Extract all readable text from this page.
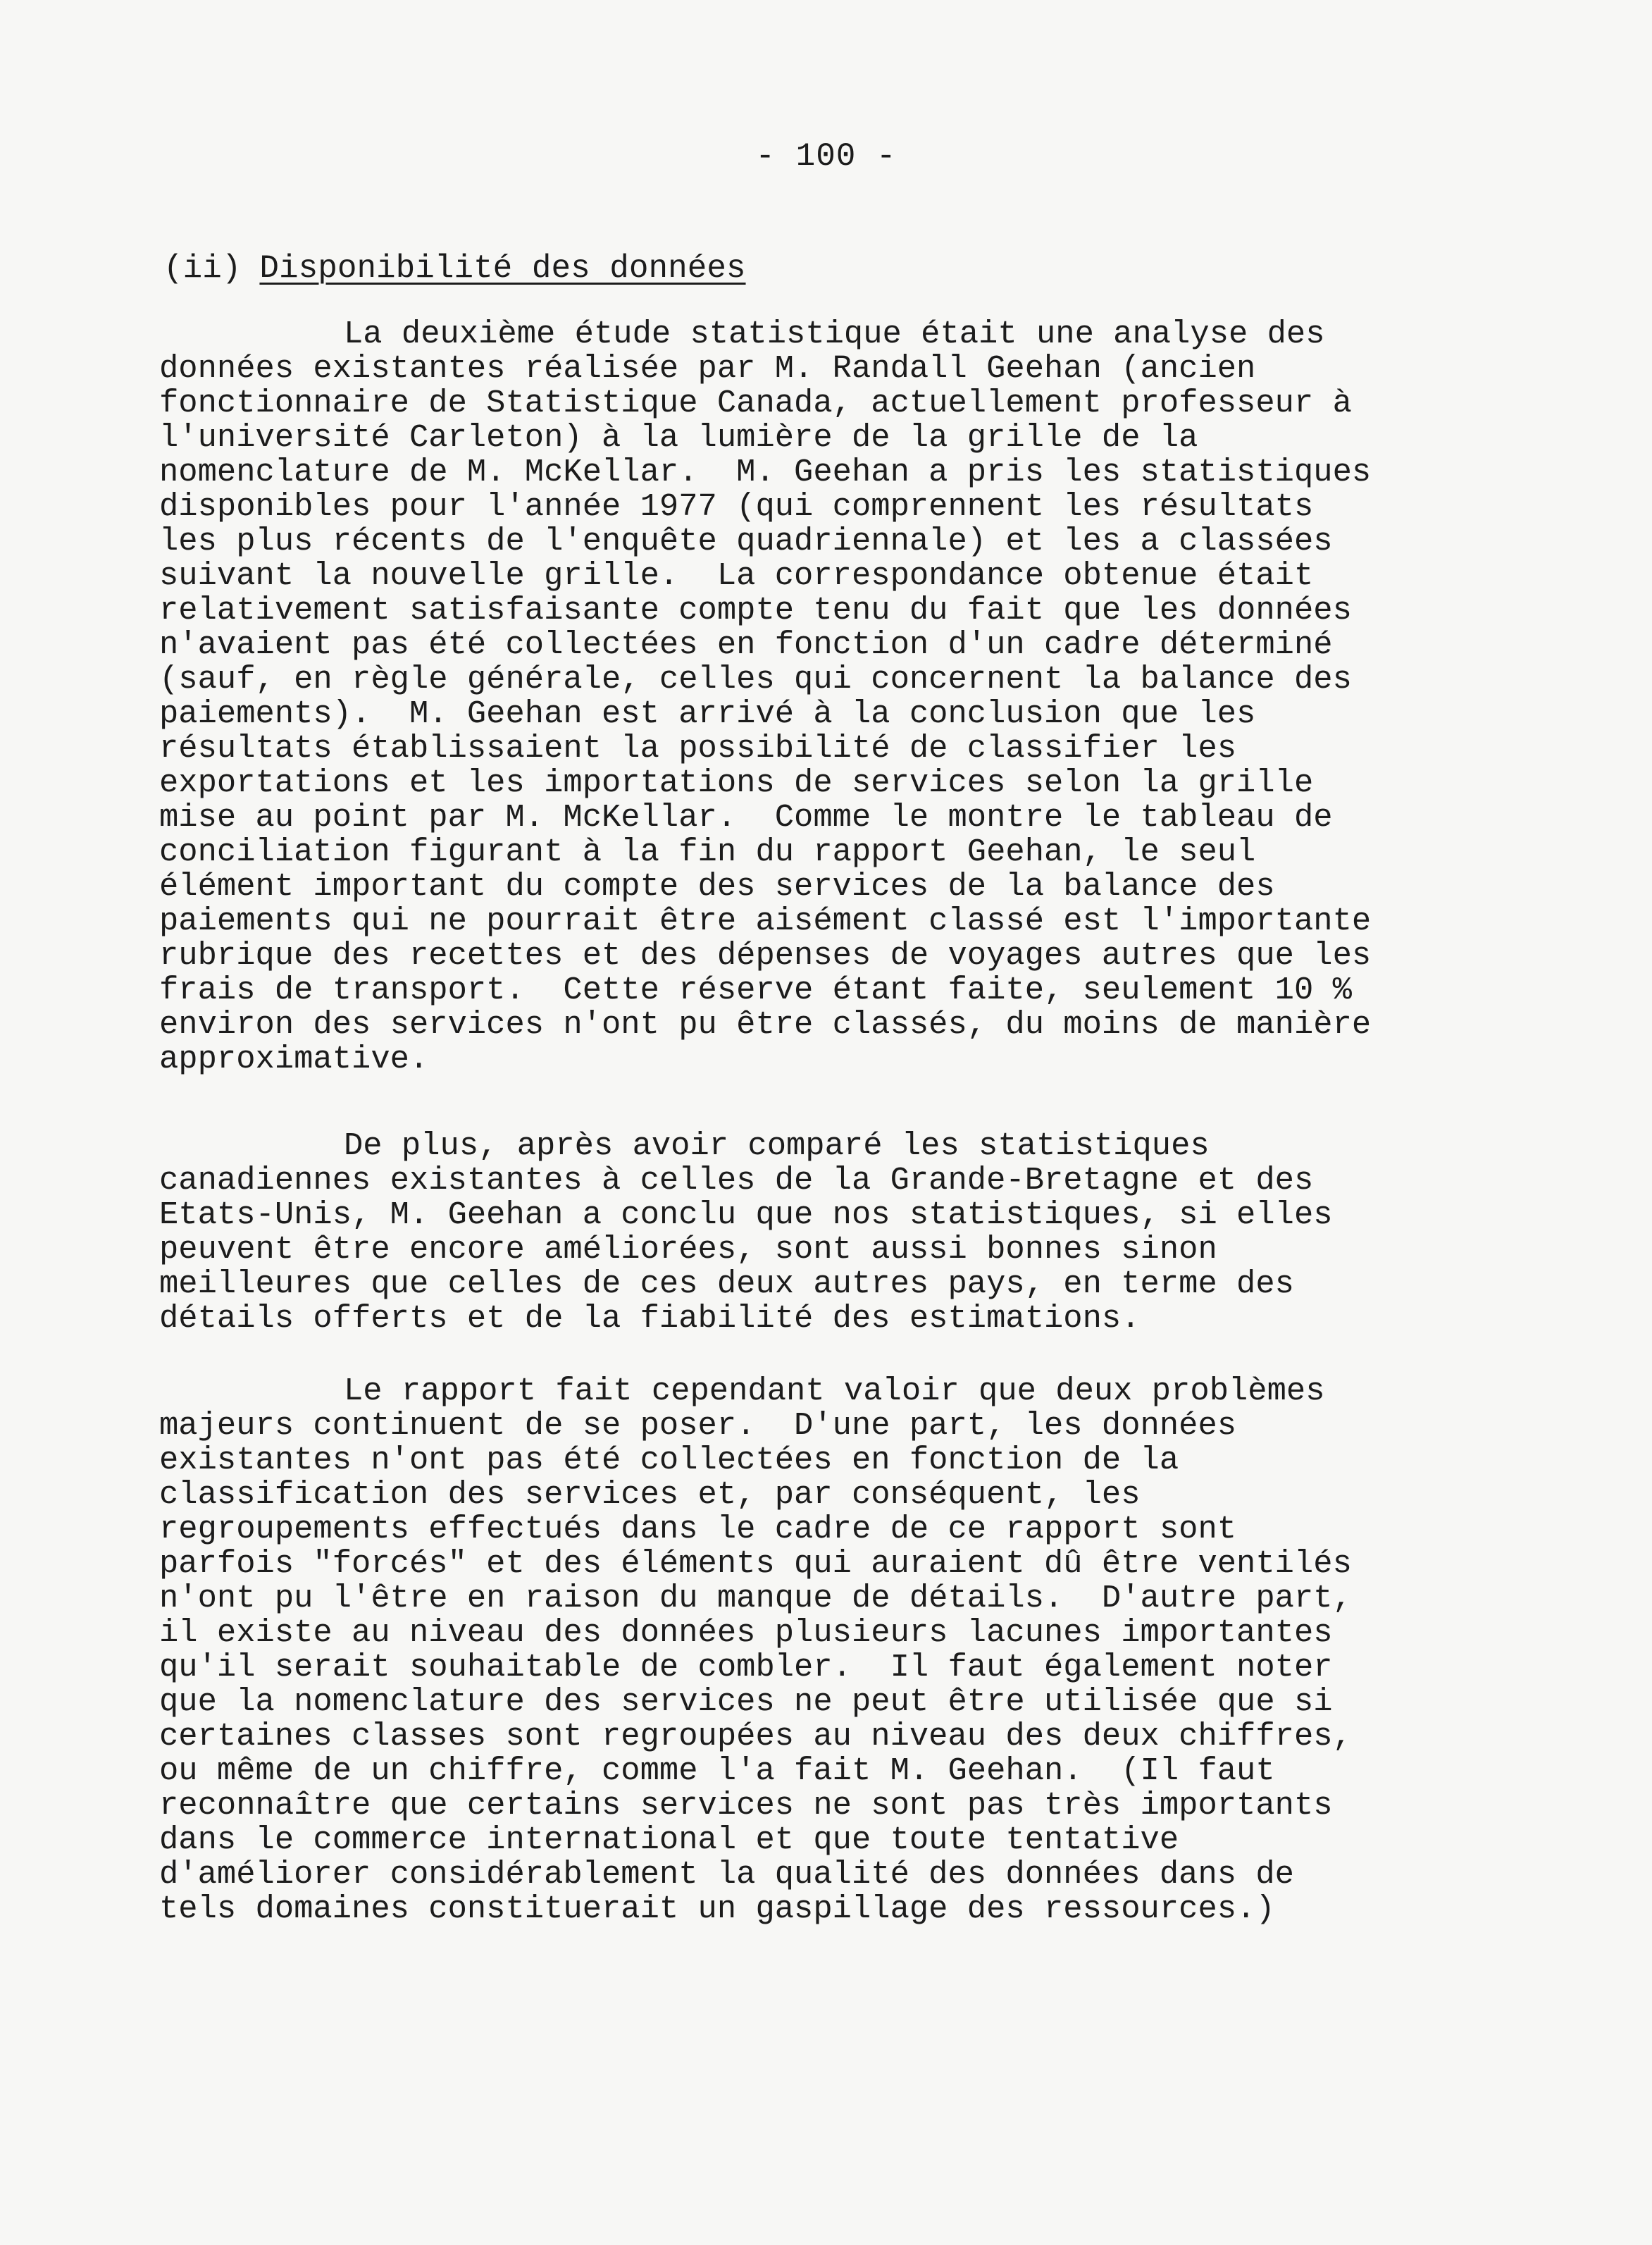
- 100 -
(ii) Disponibilité des données
La deuxième étude statistique était une analyse des
données existantes réalisée par M. Randall Geehan (ancien
fonctionnaire de Statistique Canada, actuellement professeur à
l'université Carleton) à la lumière de la grille de la
nomenclature de M. McKellar.  M. Geehan a pris les statistiques
disponibles pour l'année 1977 (qui comprennent les résultats
les plus récents de l'enquête quadriennale) et les a classées
suivant la nouvelle grille.  La correspondance obtenue était
relativement satisfaisante compte tenu du fait que les données
n'avaient pas été collectées en fonction d'un cadre déterminé
(sauf, en règle générale, celles qui concernent la balance des
paiements).  M. Geehan est arrivé à la conclusion que les
résultats établissaient la possibilité de classifier les
exportations et les importations de services selon la grille
mise au point par M. McKellar.  Comme le montre le tableau de
conciliation figurant à la fin du rapport Geehan, le seul
élément important du compte des services de la balance des
paiements qui ne pourrait être aisément classé est l'importante
rubrique des recettes et des dépenses de voyages autres que les
frais de transport.  Cette réserve étant faite, seulement 10 %
environ des services n'ont pu être classés, du moins de manière
approximative.
De plus, après avoir comparé les statistiques
canadiennes existantes à celles de la Grande-Bretagne et des
Etats-Unis, M. Geehan a conclu que nos statistiques, si elles
peuvent être encore améliorées, sont aussi bonnes sinon
meilleures que celles de ces deux autres pays, en terme des
détails offerts et de la fiabilité des estimations.
Le rapport fait cependant valoir que deux problèmes
majeurs continuent de se poser.  D'une part, les données
existantes n'ont pas été collectées en fonction de la
classification des services et, par conséquent, les
regroupements effectués dans le cadre de ce rapport sont
parfois "forcés" et des éléments qui auraient dû être ventilés
n'ont pu l'être en raison du manque de détails.  D'autre part,
il existe au niveau des données plusieurs lacunes importantes
qu'il serait souhaitable de combler.  Il faut également noter
que la nomenclature des services ne peut être utilisée que si
certaines classes sont regroupées au niveau des deux chiffres,
ou même de un chiffre, comme l'a fait M. Geehan.  (Il faut
reconnaître que certains services ne sont pas très importants
dans le commerce international et que toute tentative
d'améliorer considérablement la qualité des données dans de
tels domaines constituerait un gaspillage des ressources.)
